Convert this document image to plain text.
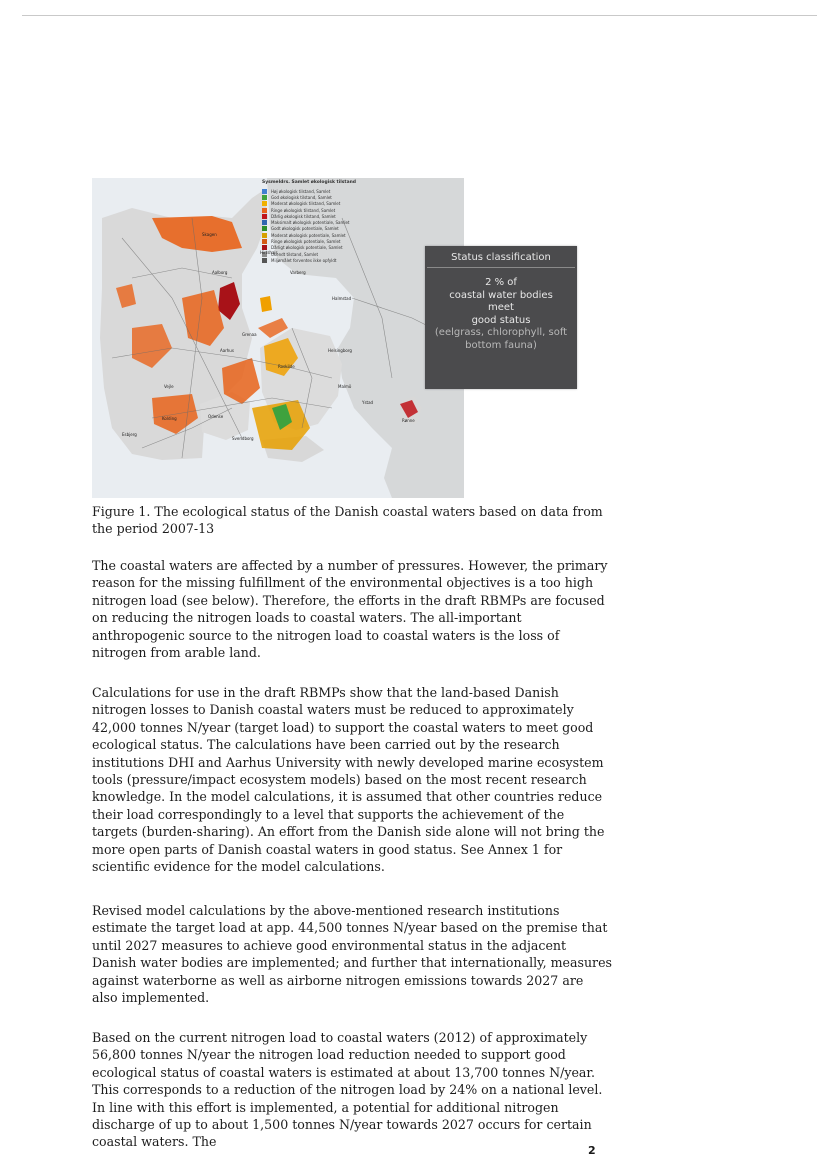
Sysmeldrs. Samlet økologisk tilstand
Høj økologisk tilstand, Samlet
God økologisk tilstand, Samlet
Moderat økologisk tilstand, Samlet
Ringe økologisk tilstand, Samlet
Dårlig økologisk tilstand, Samlet
Maksimalt økologisk potentiale, Samlet
Godt økologisk potentiale, Samlet
Moderat økologisk potentiale, Samlet
Ringe økologisk potentiale, Samlet
Dårligt økologisk potentiale, Samlet
Ukendt tilstand, Samlet
Miljømålet forventes ikke opfyldt
Skagen
Hirtshals
Aalborg	Varberg
Halmstad
Grenaa
Aarhus	Helsingborg
Malmö
Ystad
Roskilde
Odense
Svendborg
Rønne
Kolding
Esbjerg
Vejle
Status classification
2 % of
coastal water bodies
meet
good status
(eelgrass, chlorophyll, soft bottom fauna)

Figure 1. The ecological status of the Danish coastal waters based on data from the period 2007-13

The coastal waters are affected by a number of pressures. However, the primary reason for the missing fulfillment of the environmental objectives is a too high nitrogen load (see below). Therefore, the efforts in the draft RBMPs are focused on reducing the nitrogen loads to coastal waters. The all-important anthropogenic source to the nitrogen load to coastal waters is the loss of nitrogen from arable land.

Calculations for use in the draft RBMPs show that the land-based Danish nitrogen losses to Danish coastal waters must be reduced to approximately 42,000 tonnes N/year (target load) to support the coastal waters to meet good ecological status. The calculations have been carried out by the research institutions DHI and Aarhus University with newly developed marine ecosystem tools (pressure/impact ecosystem models) based on the most recent research knowledge. In the model calculations, it is assumed that other countries reduce their load correspondingly to a level that supports the achievement of the targets (burden-sharing). An effort from the Danish side alone will not bring the more open parts of Danish coastal waters in good status. See Annex 1 for scientific evidence for the model calculations.

Revised model calculations by the above-mentioned research institutions estimate the target load at app. 44,500 tonnes N/year based on the premise that until 2027 measures to achieve good environmental status in the adjacent Danish water bodies are implemented; and further that internationally, measures against waterborne as well as airborne nitrogen emissions towards 2027 are also implemented.

Based on the current nitrogen load to coastal waters (2012) of approximately 56,800 tonnes N/year the nitrogen load reduction needed to support good ecological status of coastal waters is estimated at about 13,700 tonnes N/year. This corresponds to a reduction of the nitrogen load by 24% on a national level. In line with this effort is implemented, a potential for additional nitrogen discharge of up to about 1,500 tonnes N/year towards 2027 occurs for certain coastal waters. The

2
